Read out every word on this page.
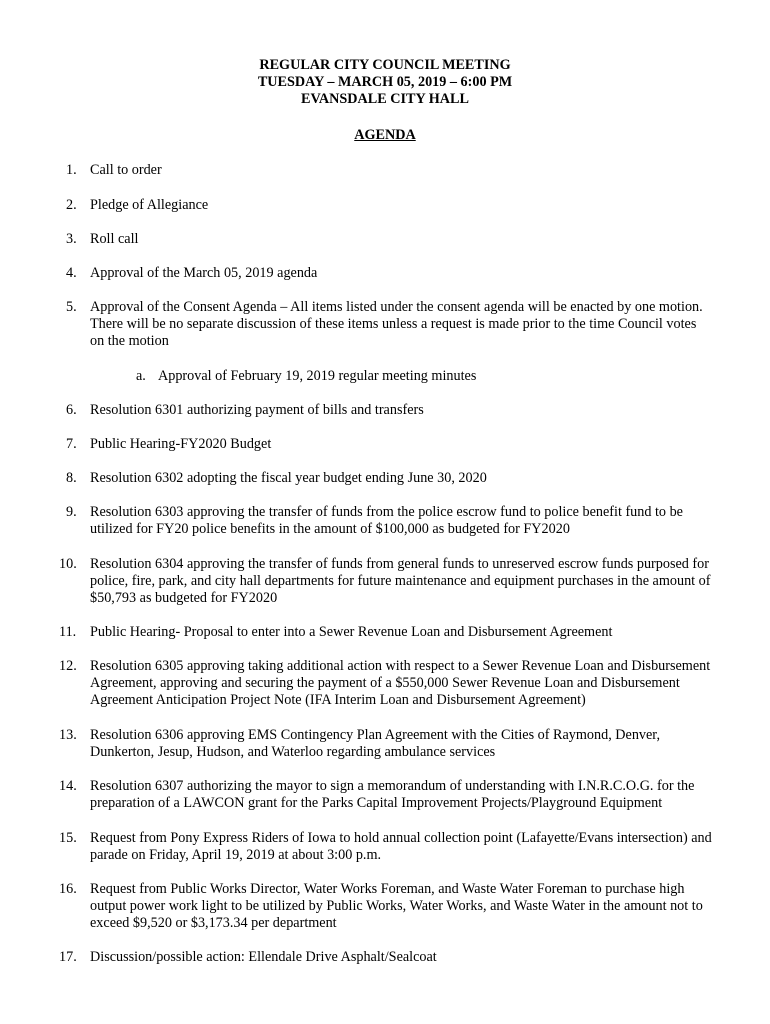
REGULAR CITY COUNCIL MEETING
TUESDAY – MARCH 05, 2019 – 6:00 PM
EVANSDALE CITY HALL
AGENDA
1. Call to order
2. Pledge of Allegiance
3. Roll call
4. Approval of the March 05, 2019 agenda
5. Approval of the Consent Agenda – All items listed under the consent agenda will be enacted by one motion.
There will be no separate discussion of these items unless a request is made prior to the time Council votes
on the motion
a. Approval of February 19, 2019 regular meeting minutes
6. Resolution 6301 authorizing payment of bills and transfers
7. Public Hearing-FY2020 Budget
8. Resolution 6302 adopting the fiscal year budget ending June 30, 2020
9. Resolution 6303 approving the transfer of funds from the police escrow fund to police benefit fund to be
utilized for FY20 police benefits in the amount of $100,000 as budgeted for FY2020
10. Resolution 6304 approving the transfer of funds from general funds to unreserved escrow funds purposed for
police, fire, park, and city hall departments for future maintenance and equipment purchases in the amount of
$50,793 as budgeted for FY2020
11. Public Hearing- Proposal to enter into a Sewer Revenue Loan and Disbursement Agreement
12. Resolution 6305 approving taking additional action with respect to a Sewer Revenue Loan and Disbursement
Agreement, approving and securing the payment of a $550,000 Sewer Revenue Loan and Disbursement
Agreement Anticipation Project Note (IFA Interim Loan and Disbursement Agreement)
13. Resolution 6306 approving EMS Contingency Plan Agreement with the Cities of Raymond, Denver,
Dunkerton, Jesup, Hudson, and Waterloo regarding ambulance services
14. Resolution 6307 authorizing the mayor to sign a memorandum of understanding with I.N.R.C.O.G. for the
preparation of a LAWCON grant for the Parks Capital Improvement Projects/Playground Equipment
15. Request from Pony Express Riders of Iowa to hold annual collection point (Lafayette/Evans intersection) and
parade on Friday, April 19, 2019 at about 3:00 p.m.
16. Request from Public Works Director, Water Works Foreman, and Waste Water Foreman to purchase high
output power work light to be utilized by Public Works, Water Works, and Waste Water in the amount not to
exceed $9,520 or $3,173.34 per department
17. Discussion/possible action: Ellendale Drive Asphalt/Sealcoat
